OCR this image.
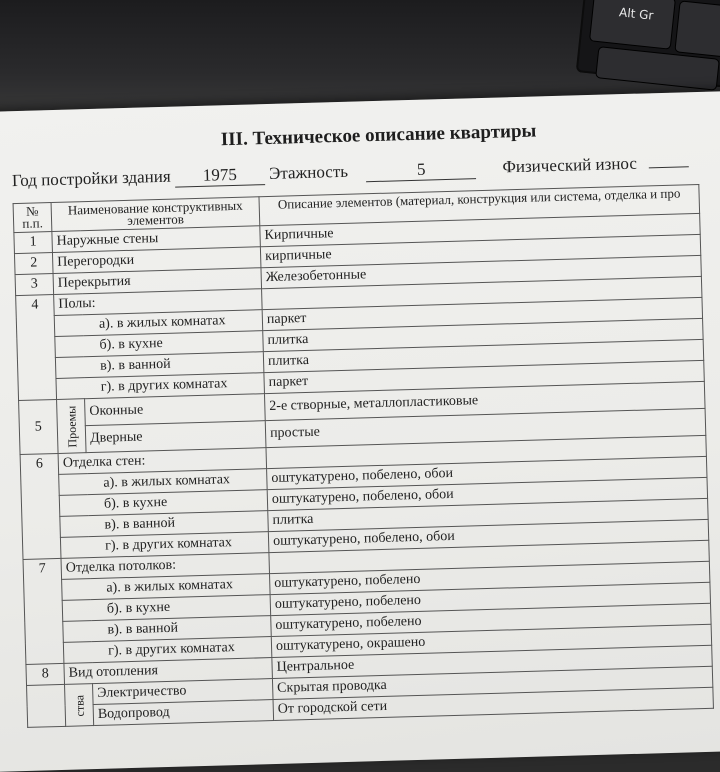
Alt Gr
III. Техническое описание квартиры
Год постройки здания 1975 Этажность	5	Физический износ
№ п.п.	Наименование конструктивных элементов		Описание элементов (материал, конструкция или система, отделка и про
1	Наружные стены		Кирпичные
2	Перегородки		кирпичные
3	Перекрытия		Железобетонные
4	Полы:		
	а). в жилых комнатах		паркет
	б). в кухне		плитка
	в). в ванной		плитка
	г). в других комнатах		паркет
5	Проемы	Оконные	2-е створные, металлопластиковые
		Дверные	простые
6	Отделка стен:		
	а). в жилых комнатах		оштукатурено, побелено, обои
	б). в кухне		оштукатурено, побелено, обои
	в). в ванной		плитка
	г). в других комнатах		оштукатурено, побелено, обои
7	Отделка потолков:		
	а). в жилых комнатах		оштукатурено, побелено
	б). в кухне		оштукатурено, побелено
	в). в ванной		оштукатурено, побелено
	г). в других комнатах		оштукатурено, окрашено
8	Вид отопления		Центральное
	ства	Электричество	Скрытая проводка
		Водопровод	От городской сети
